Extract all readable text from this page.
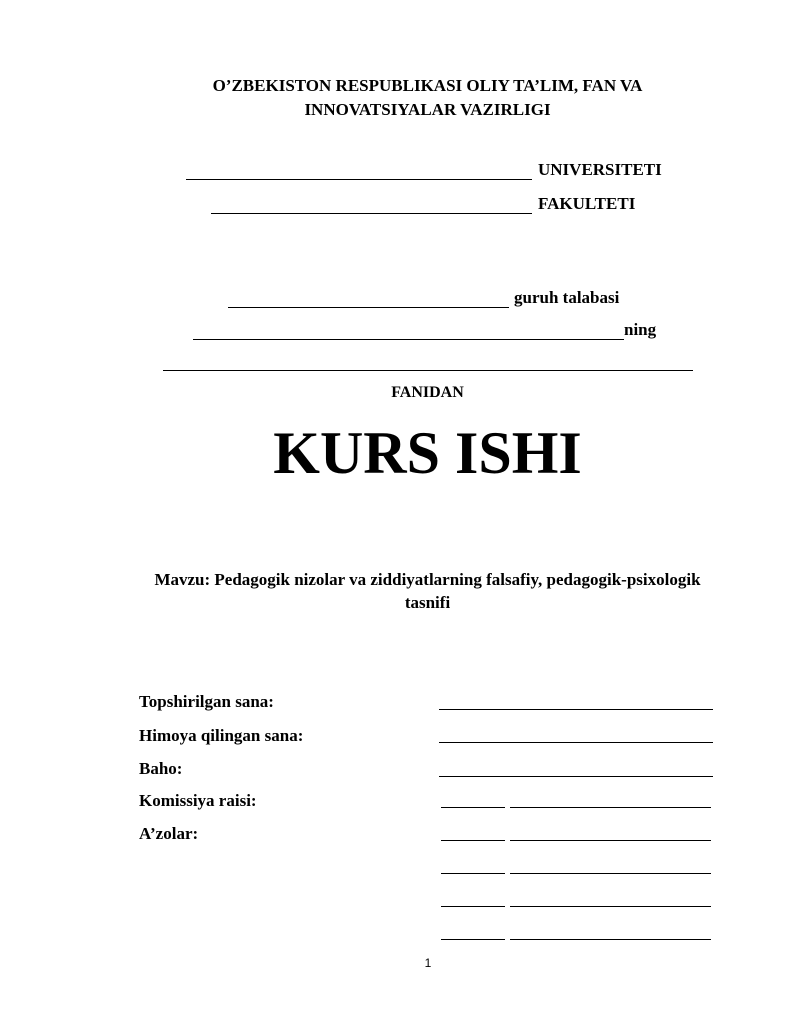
O’ZBEKISTON RESPUBLIKASI OLIY TA’LIM, FAN VA
INNOVATSIYALAR VAZIRLIGI
UNIVERSITETI
FAKULTETI
guruh talabasi
ning
FANIDAN
KURS ISHI
Mavzu: Pedagogik nizolar va ziddiyatlarning falsafiy, pedagogik-psixologik
tasnifi
Topshirilgan sana:
Himoya qilingan sana:
Baho:
Komissiya raisi:
A’zolar:
1
